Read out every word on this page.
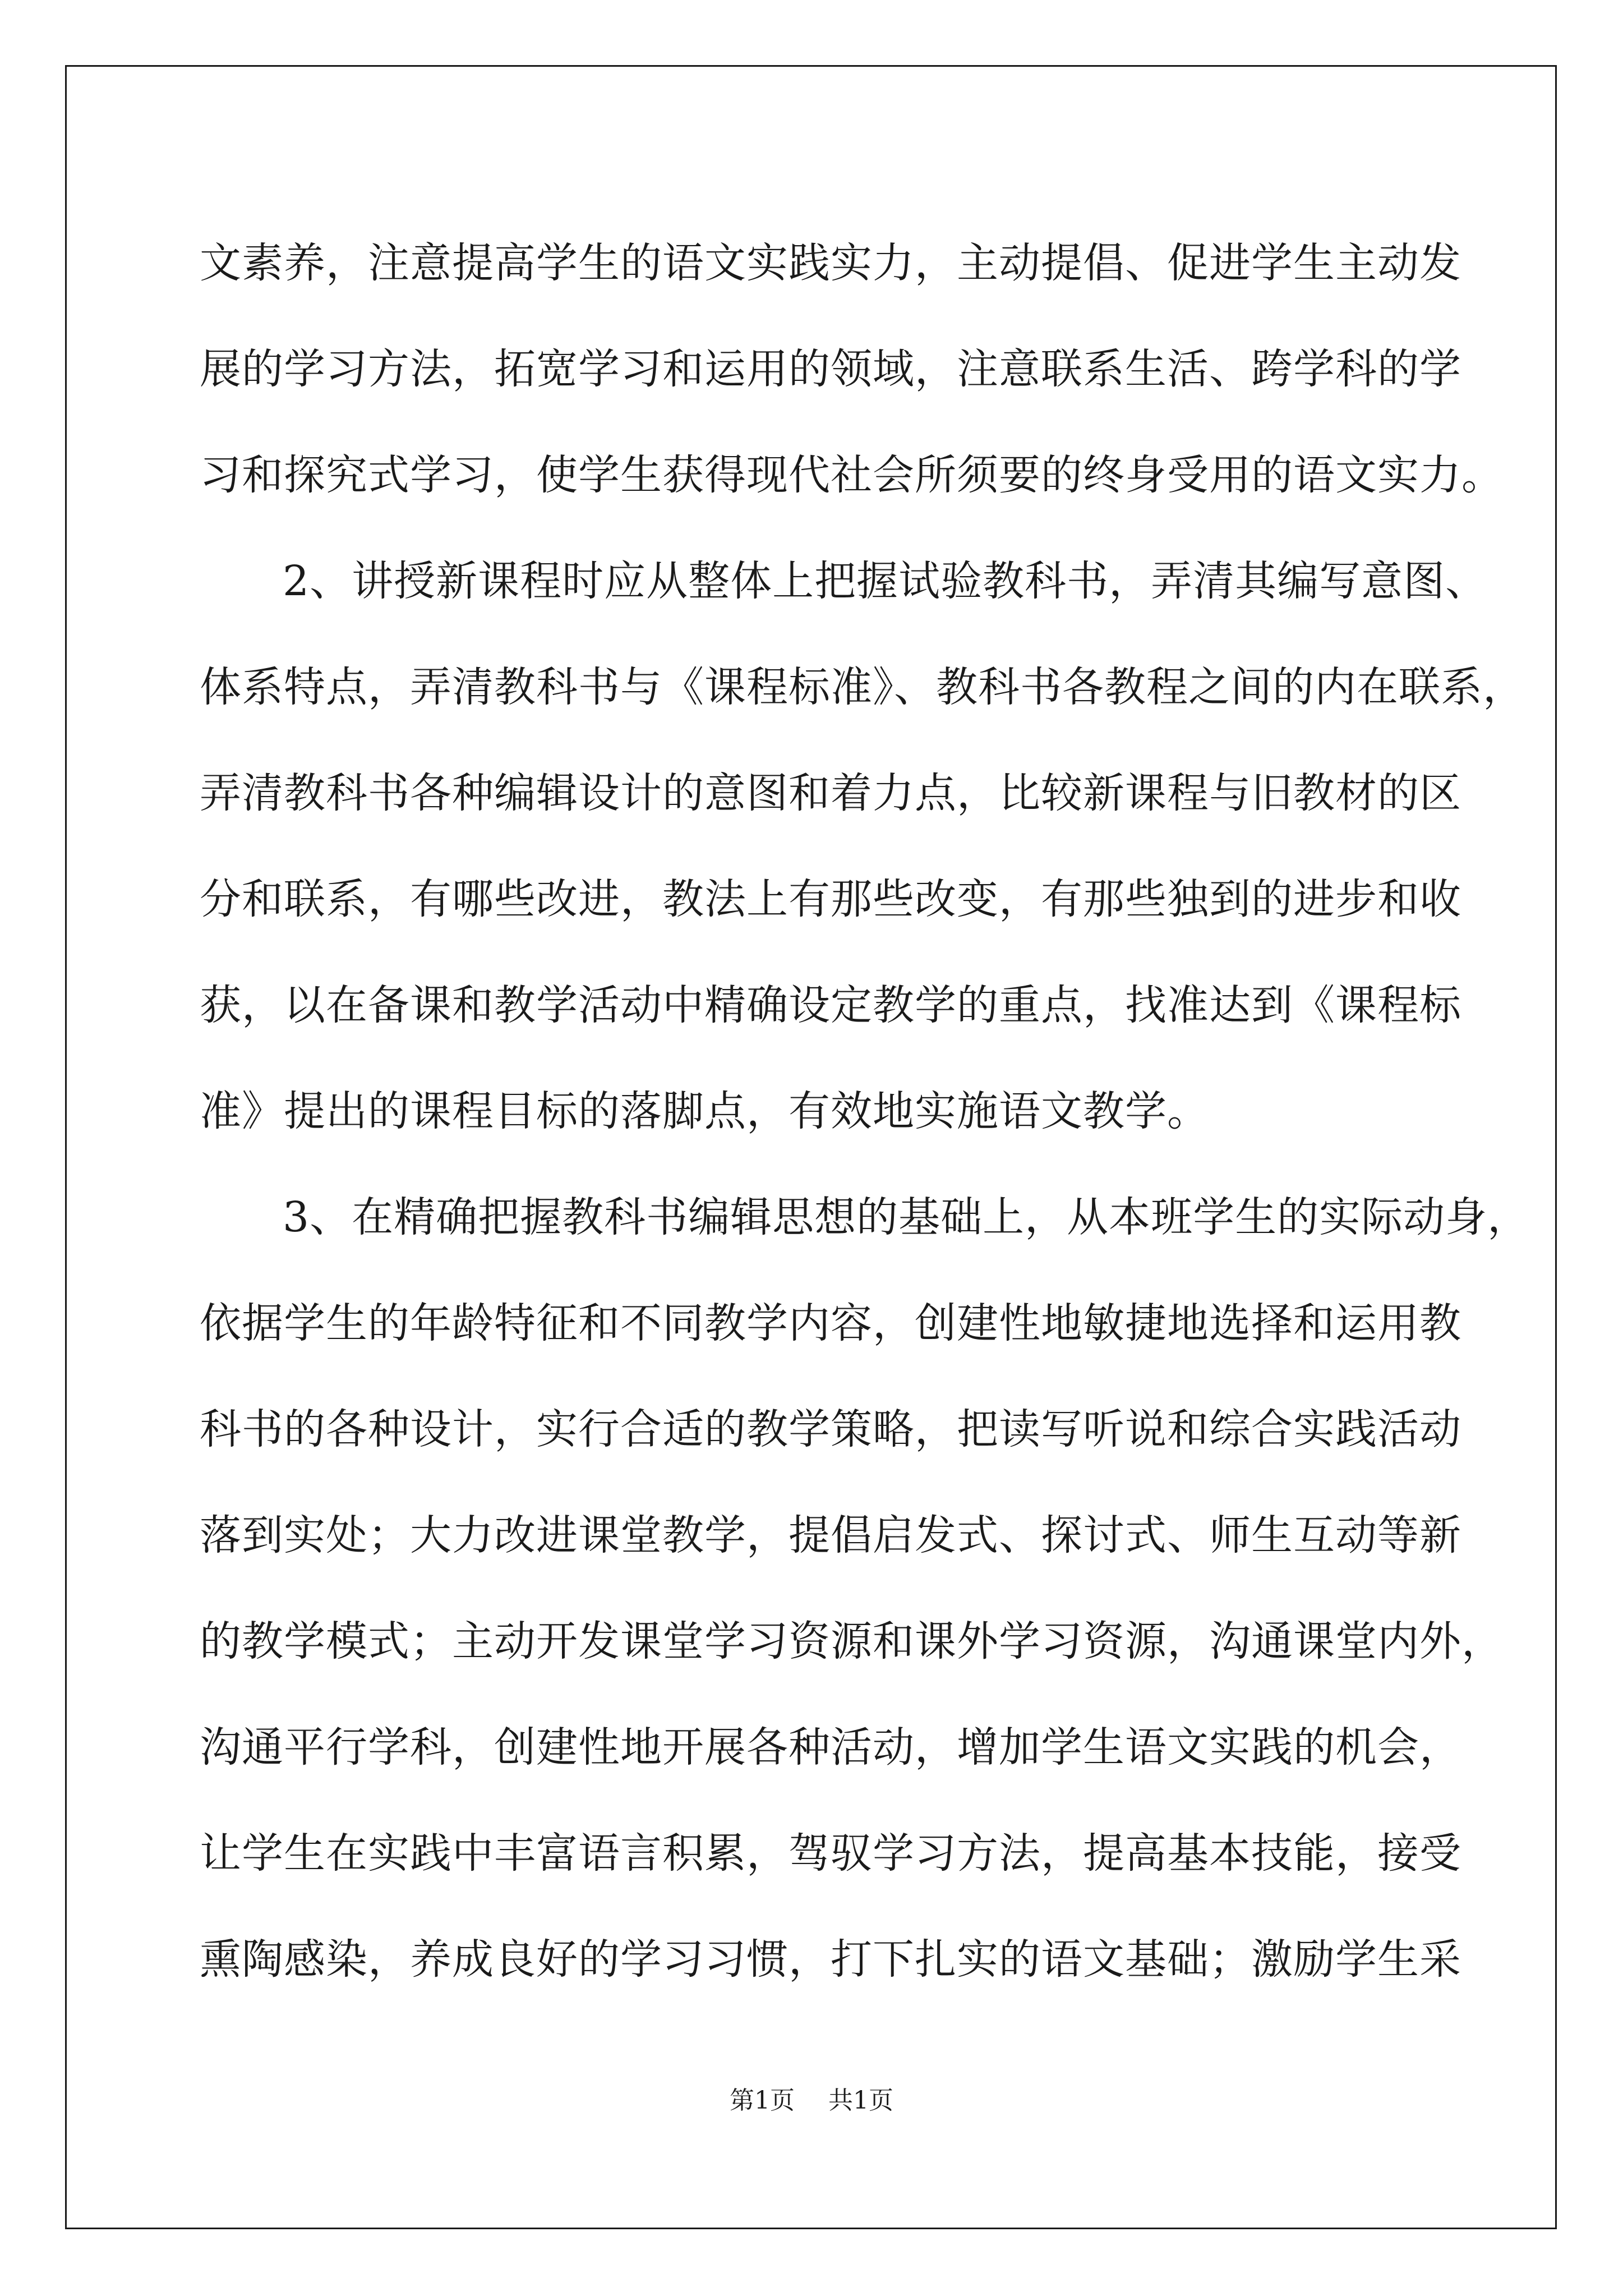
文素养，注意提高学生的语文实践实力，主动提倡、促进学生主动发
展的学习方法，拓宽学习和运用的领域，注意联系生活、跨学科的学
习和探究式学习，使学生获得现代社会所须要的终身受用的语文实力。
2、讲授新课程时应从整体上把握试验教科书，弄清其编写意图、
体系特点，弄清教科书与《课程标准》、教科书各教程之间的内在联系，
弄清教科书各种编辑设计的意图和着力点，比较新课程与旧教材的区
分和联系，有哪些改进，教法上有那些改变，有那些独到的进步和收
获，以在备课和教学活动中精确设定教学的重点，找准达到《课程标
准》提出的课程目标的落脚点，有效地实施语文教学。
3、在精确把握教科书编辑思想的基础上，从本班学生的实际动身，
依据学生的年龄特征和不同教学内容，创建性地敏捷地选择和运用教
科书的各种设计，实行合适的教学策略，把读写听说和综合实践活动
落到实处；大力改进课堂教学，提倡启发式、探讨式、师生互动等新
的教学模式；主动开发课堂学习资源和课外学习资源，沟通课堂内外，
沟通平行学科，创建性地开展各种活动，增加学生语文实践的机会，
让学生在实践中丰富语言积累，驾驭学习方法，提高基本技能，接受
熏陶感染，养成良好的学习习惯，打下扎实的语文基础；激励学生采
第1页 共1页
